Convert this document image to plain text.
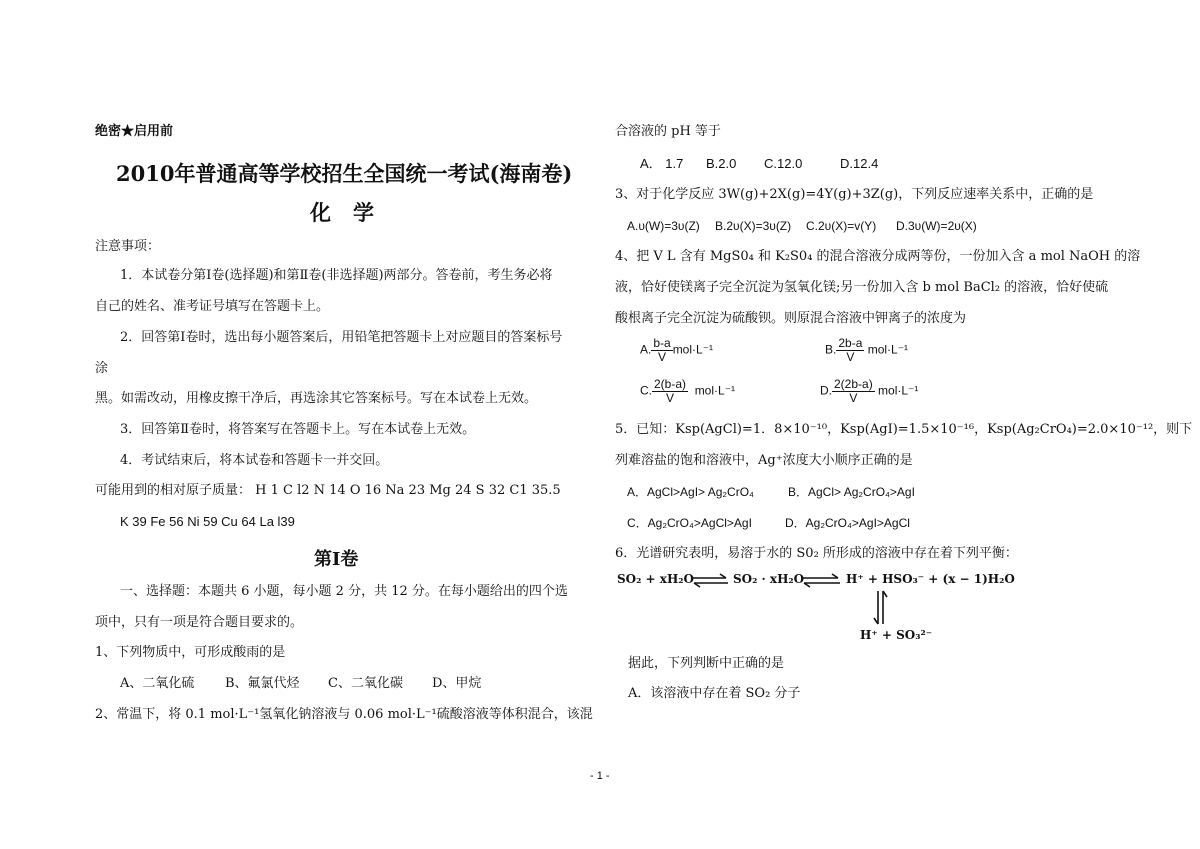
绝密★启用前
2010年普通高等学校招生全国统一考试(海南卷)
化学
注意事项：
1．本试卷分第Ⅰ卷(选择题)和第Ⅱ卷(非选择题)两部分。答卷前，考生务必将
自己的姓名、准考证号填写在答题卡上。
2．回答第Ⅰ卷时，选出每小题答案后，用铅笔把答题卡上对应题目的答案标号
涂
黑。如需改动，用橡皮擦干净后，再选涂其它答案标号。写在本试卷上无效。
3．回答第Ⅱ卷时，将答案写在答题卡上。写在本试卷上无效。
4．考试结束后，将本试卷和答题卡一并交回。
可能用到的相对原子质量： H 1 C l2 N 14 O 16 Na 23 Mg 24 S 32 C1 35.5
K 39 Fe 56 Ni 59 Cu 64 La l39
第Ⅰ卷
一、选择题：本题共 6 小题，每小题 2 分，共 12 分。在每小题给出的四个选
项中，只有一项是符合题目要求的。
1、下列物质中，可形成酸雨的是
A、二氧化硫 B、氟氯代烃 C、二氧化碳 D、甲烷
2、常温下，将 0.1 mol·L⁻¹氢氧化钠溶液与 0.06 mol·L⁻¹硫酸溶液等体积混合，该混
合溶液的 pH 等于
A． 1.7 B.2.0 C.12.0	D.12.4
3、对于化学反应 3W(g)+2X(g)=4Y(g)+3Z(g)，下列反应速率关系中，正确的是
A.υ(W)=3υ(Z) B.2υ(X)=3υ(Z) C.2υ(X)=v(Y) D.3υ(W)=2υ(X)
4、把 V L 含有 MgS0₄ 和 K₂S0₄ 的混合溶液分成两等份，一份加入含 a mol NaOH 的溶
液，恰好使镁离子完全沉淀为氢氧化镁;另一份加入含 b mol BaCl₂ 的溶液，恰好使硫
酸根离子完全沉淀为硫酸钡。则原混合溶液中钾离子的浓度为
A. $\frac{b-a}{V} mol\cdot L^{-1}$	B. $\frac{2b-a}{V} mol\cdot L^{-1}$
C. $\frac{2(b-a)}{V} mol\cdot L^{-1}$	D. $\frac{2(2b-a)}{V} mol\cdot L^{-1}$
5．已知：Ksp(AgCl)=1．8×10⁻¹⁰，Ksp(AgI)=1.5×10⁻¹⁶，Ksp(Ag₂CrO₄)=2.0×10⁻¹²，则下
列难溶盐的饱和溶液中，Ag⁺浓度大小顺序正确的是
A．AgCl>AgI> Ag₂CrO₄	B．AgCl> Ag₂CrO₄>AgI
C．Ag₂CrO₄>AgCl>AgI	D．Ag₂CrO₄>AgI>AgCl
6．光谱研究表明，易溶于水的 S0₂ 所形成的溶液中存在着下列平衡：
SO₂ + xH₂O ⇌ SO₂ · xH₂O ⇌ H⁺ + HSO₃⁻ + (x − 1)H₂O
H⁺ + SO₃²⁻
据此，下列判断中正确的是
A．该溶液中存在着 SO₂ 分子
- 1 -
